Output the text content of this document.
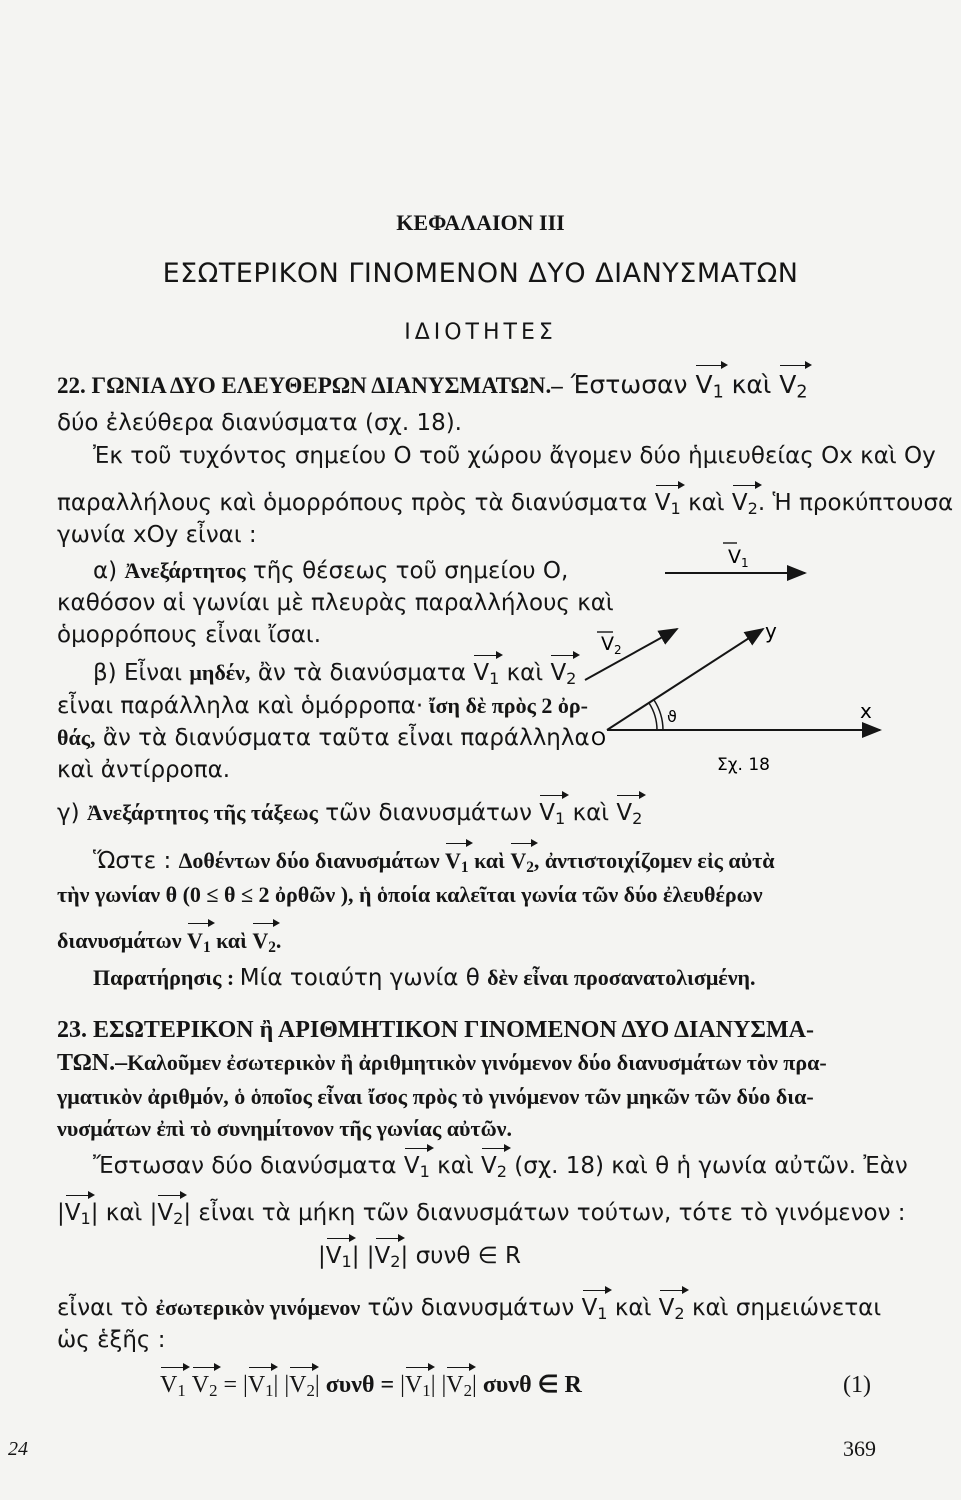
ΚΕΦΑΛΑΙΟΝ III
ΕΣΩΤΕΡΙΚΟΝ ΓΙΝΟΜΕΝΟΝ ΔΥΟ ΔΙΑΝΥΣΜΑΤΩΝ
ΙΔΙΟΤΗΤΕΣ
22. ΓΩΝΙΑ ΔΥΟ ΕΛΕΥΘΕΡΩΝ ΔΙΑΝΥΣΜΑΤΩΝ.– Έστωσαν $V_1$ καὶ $V_2$
δύο ἐλεύθερα διανύσματα (σχ. 18).
Ἐκ τοῦ τυχόντος σημείου O τοῦ χώρου ἄγομεν δύο ἡμιευθείας Ox καὶ Oy
παραλλήλους καὶ ὁμορρόπους πρὸς τὰ διανύσματα $V_1$ καὶ $V_2$. Ἡ προκύπτουσα
γωνία xOy εἶναι :
α) Ἀνεξάρτητος τῆς θέσεως τοῦ σημείου O,
καθόσον αἱ γωνίαι μὲ πλευρὰς παραλλήλους καὶ
ὁμορρόπους εἶναι ἴσαι.
β) Εἶναι μηδέν, ἂν τὰ διανύσματα $V_1$ καὶ $V_2$
εἶναι παράλληλα καὶ ὁμόρροπα· ἴση δὲ πρὸς 2 ὀρ-
θάς, ἂν τὰ διανύσματα ταῦτα εἶναι παράλληλα
καὶ ἀντίρροπα.
$V_1$
$V_2$
y
x
O
ϑ
Σχ. 18
γ) Ἀνεξάρτητος τῆς τάξεως τῶν διανυσμάτων $V_1$ καὶ $V_2$
Ὥστε : Δοθέντων δύο διανυσμάτων $V_1$ καὶ $V_2$, ἀντιστοιχίζομεν εἰς αὐτὰ
τὴν γωνίαν θ (0 ≤ θ ≤ 2 ὀρθῶν ), ἡ ὁποία καλεῖται γωνία τῶν δύο ἐλευθέρων
διανυσμάτων $V_1$ καὶ $V_2$.
Παρατήρησις : Μία τοιαύτη γωνία θ δὲν εἶναι προσανατολισμένη.
23. ΕΣΩΤΕΡΙΚΟΝ ἢ ΑΡΙΘΜΗΤΙΚΟΝ ΓΙΝΟΜΕΝΟΝ ΔΥΟ ΔΙΑΝΥΣΜΑ-
ΤΩΝ.–Καλοῦμεν ἐσωτερικὸν ἢ ἀριθμητικὸν γινόμενον δύο διανυσμάτων τὸν πρα-
γματικὸν ἀριθμόν, ὁ ὁποῖος εἶναι ἴσος πρὸς τὸ γινόμενον τῶν μηκῶν τῶν δύο δια-
νυσμάτων ἐπὶ τὸ συνημίτονον τῆς γωνίας αὐτῶν.
Ἔστωσαν δύο διανύσματα $V_1$ καὶ $V_2$ (σχ. 18) καὶ θ ἡ γωνία αὐτῶν. Ἐὰν
$|V_1|$ καὶ $|V_2|$ εἶναι τὰ μήκη τῶν διανυσμάτων τούτων, τότε τὸ γινόμενον :
$|V_1|$ $|V_2|$ συνθ ∈ R
εἶναι τὸ ἐσωτερικὸν γινόμενον τῶν διανυσμάτων $V_1$ καὶ $V_2$ καὶ σημειώνεται
ὡς ἑξῆς :
$V_1$ $V_2 = |V_1|$ $|V_2|$ $\sigma\upsilon\nu\theta = |V_1|$ $|V_2|$ συνθ ∈ R	(1)
24	369
